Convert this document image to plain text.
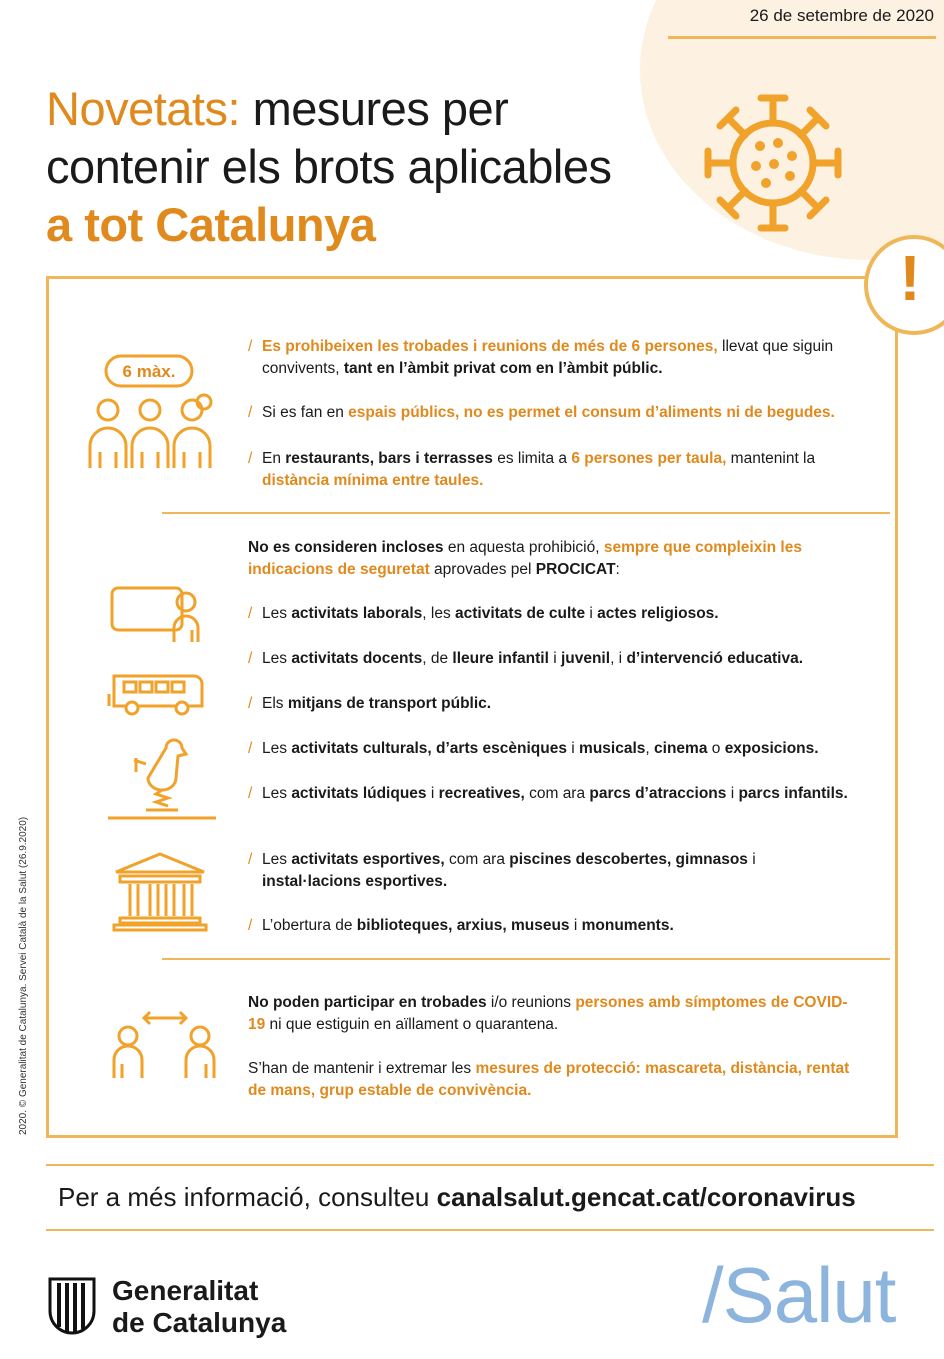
26 de setembre de 2020
Novetats: mesures per
contenir els brots aplicables
a tot Catalunya
!
6 màx.
/ Es prohibeixen les trobades i reunions de més de 6 persones, llevat que siguin convivents, tant en l’àmbit privat com en l’àmbit públic.
/ Si es fan en espais públics, no es permet el consum d’aliments ni de begudes.
/ En restaurants, bars i terrasses es limita a 6 persones per taula, mantenint la distància mínima entre taules.
No es consideren incloses en aquesta prohibició, sempre que compleixin les indicacions de seguretat aprovades pel PROCICAT:
/ Les activitats laborals, les activitats de culte i actes religiosos.
/ Les activitats docents, de lleure infantil i juvenil, i d’intervenció educativa.
/ Els mitjans de transport públic.
/ Les activitats culturals, d’arts escèniques i musicals, cinema o exposicions.
/ Les activitats lúdiques i recreatives, com ara parcs d’atraccions i parcs infantils.
/ Les activitats esportives, com ara piscines descobertes, gimnasos i instal·lacions esportives.
/ L’obertura de biblioteques, arxius, museus i monuments.
No poden participar en trobades i/o reunions persones amb símptomes de COVID-19 ni que estiguin en aïllament o quarantena.
S’han de mantenir i extremar les mesures de protecció: mascareta, distància, rentat de mans, grup estable de convivència.
2020. © Generalitat de Catalunya. Servei Català de la Salut (26.9.2020)
Per a més informació, consulteu canalsalut.gencat.cat/coronavirus
Generalitat
de Catalunya	/Salut
